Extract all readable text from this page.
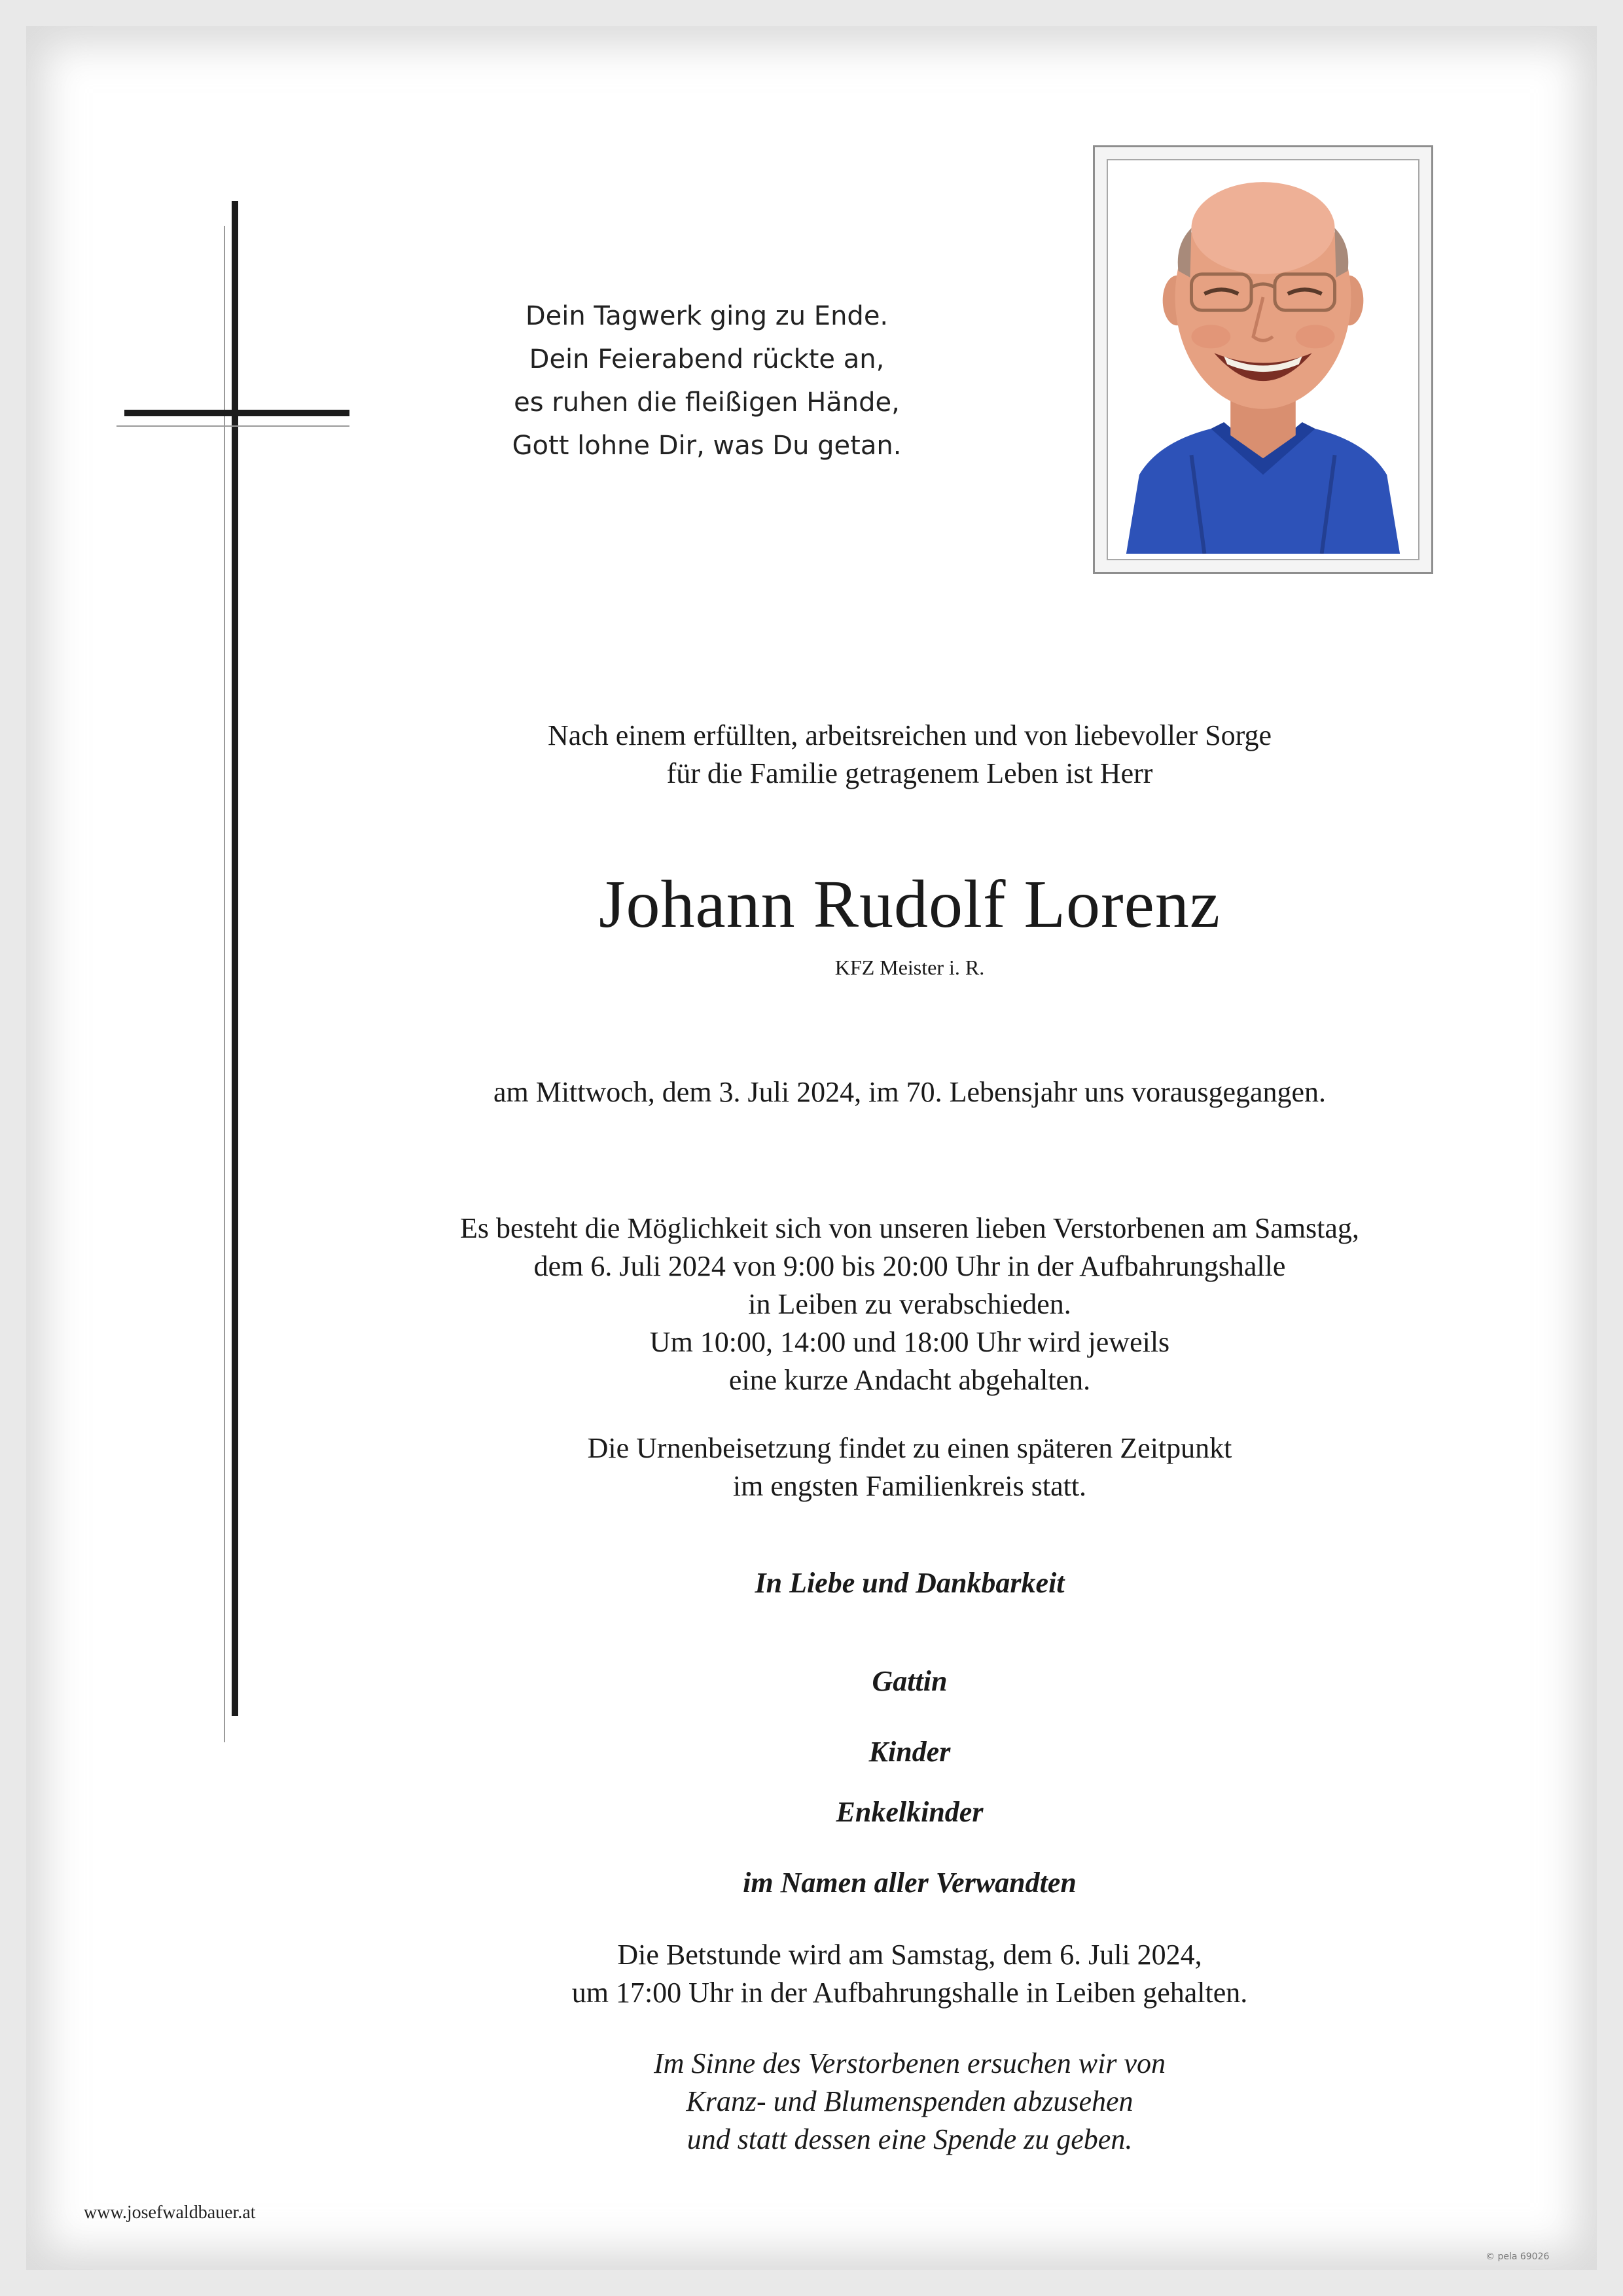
Dein Tagwerk ging zu Ende.
Dein Feierabend rückte an,
es ruhen die fleißigen Hände,
Gott lohne Dir, was Du getan.
Nach einem erfüllten, arbeitsreichen und von liebevoller Sorge
für die Familie getragenem Leben ist Herr
Johann Rudolf Lorenz
KFZ Meister i. R.
am Mittwoch, dem 3. Juli 2024, im 70. Lebensjahr uns vorausgegangen.
Es besteht die Möglichkeit sich von unseren lieben Verstorbenen am Samstag,
dem 6. Juli 2024 von 9:00 bis 20:00 Uhr in der Aufbahrungshalle
in Leiben zu verabschieden.
Um 10:00, 14:00 und 18:00 Uhr wird jeweils
eine kurze Andacht abgehalten.
Die Urnenbeisetzung findet zu einen späteren Zeitpunkt
im engsten Familienkreis statt.
In Liebe und Dankbarkeit
Gattin
Kinder
Enkelkinder
im Namen aller Verwandten
Die Betstunde wird am Samstag, dem 6. Juli 2024,
um 17:00 Uhr in der Aufbahrungshalle in Leiben gehalten.
Im Sinne des Verstorbenen ersuchen wir von
Kranz- und Blumenspenden abzusehen
und statt dessen eine Spende zu geben.
www.josefwaldbauer.at
© pela 69026
